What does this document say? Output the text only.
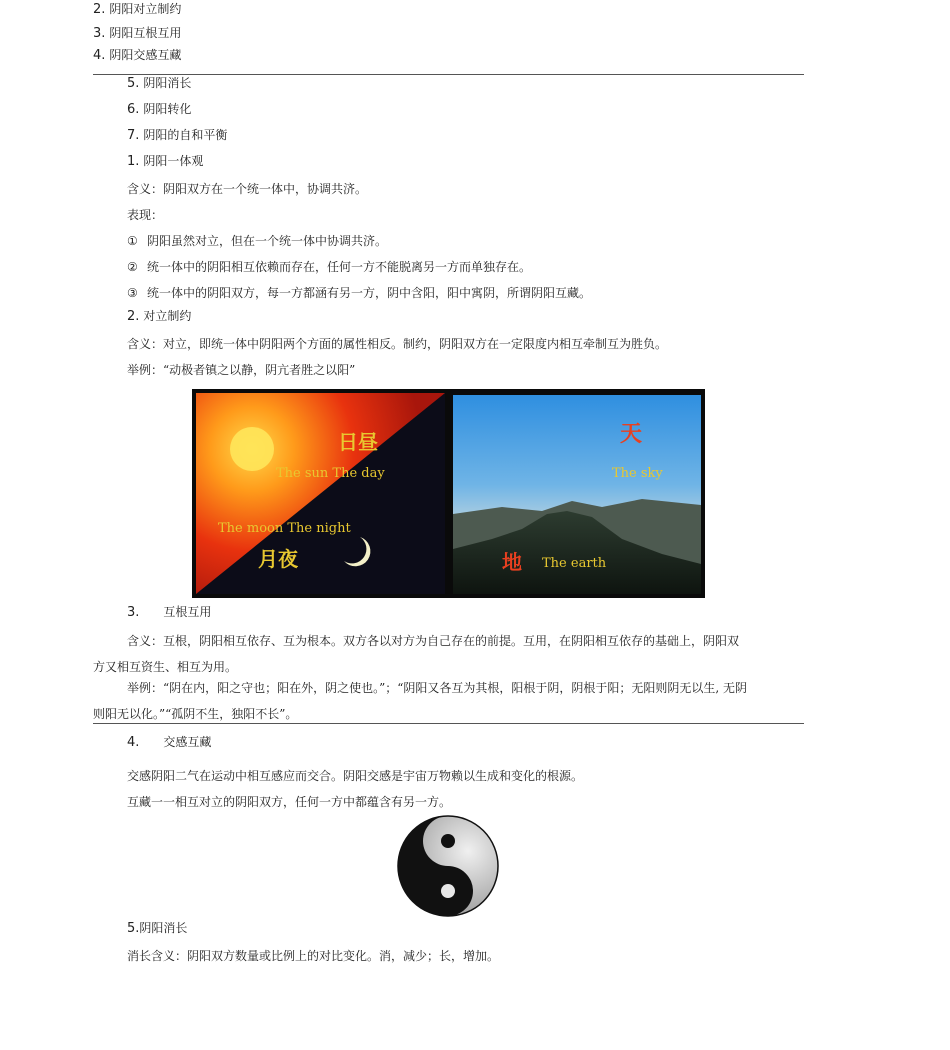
2. 阴阳对立制约
3. 阴阳互根互用
4. 阴阳交感互藏
5. 阴阳消长
6. 阴阳转化
7. 阴阳的自和平衡
1. 阴阳一体观
含义：阴阳双方在一个统一体中，协调共济。
表现：
① 阴阳虽然对立，但在一个统一体中协调共济。
② 统一体中的阴阳相互依赖而存在，任何一方不能脱离另一方而单独存在。
③ 统一体中的阴阳双方，每一方都涵有另一方，阴中含阳，阳中寓阴，所谓阴阳互藏。
2. 对立制约
含义：对立，即统一体中阴阳两个方面的属性相反。制约，阴阳双方在一定限度内相互牵制互为胜负。
举例：“动极者镇之以静，阴亢者胜之以阳”
日昼
The sun The day
The moon The night
月夜
天
The sky
地 The earth
3. 互根互用
含义：互根，阴阳相互依存、互为根本。双方各以对方为自己存在的前提。互用，在阴阳相互依存的基础上，阴阳双
方又相互资生、相互为用。
举例：“阴在内，阳之守也；阳在外，阴之使也。”；“阴阳又各互为其根，阳根于阴，阴根于阳；无阳则阴无以生, 无阴
则阳无以化。”“孤阴不生，独阳不长”。
4. 交感互藏
交感阴阳二气在运动中相互感应而交合。阴阳交感是宇宙万物赖以生成和变化的根源。
互藏一一相互对立的阴阳双方，任何一方中都蕴含有另一方。
5.阴阳消长
消长含义：阴阳双方数量或比例上的对比变化。消，减少；长，增加。
